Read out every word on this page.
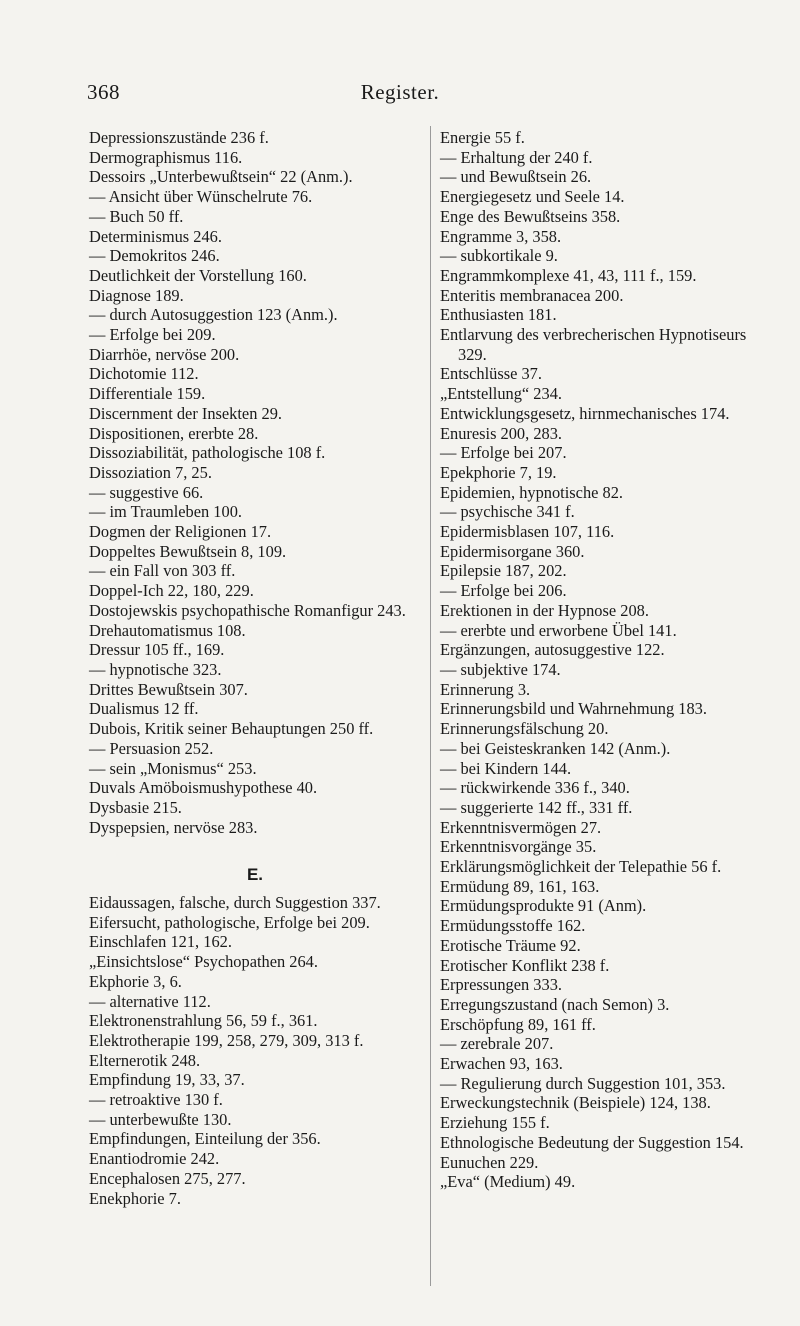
368	Register.
Depressionszustände 236 f.
Dermographismus 116.
Dessoirs „Unterbewußtsein“ 22 (Anm.).
— Ansicht über Wünschelrute 76.
— Buch 50 ff.
Determinismus 246.
— Demokritos 246.
Deutlichkeit der Vorstellung 160.
Diagnose 189.
— durch Autosuggestion 123 (Anm.).
— Erfolge bei 209.
Diarrhöe, nervöse 200.
Dichotomie 112.
Differentiale 159.
Discernment der Insekten 29.
Dispositionen, ererbte 28.
Dissoziabilität, pathologische 108 f.
Dissoziation 7, 25.
— suggestive 66.
— im Traumleben 100.
Dogmen der Religionen 17.
Doppeltes Bewußtsein 8, 109.
— ein Fall von 303 ff.
Doppel-Ich 22, 180, 229.
Dostojewskis psychopathische Romanfigur 243.
Drehautomatismus 108.
Dressur 105 ff., 169.
— hypnotische 323.
Drittes Bewußtsein 307.
Dualismus 12 ff.
Dubois, Kritik seiner Behauptungen 250 ff.
— Persuasion 252.
— sein „Monismus“ 253.
Duvals Amöboismushypothese 40.
Dysbasie 215.
Dyspepsien, nervöse 283.
E.
Eidaussagen, falsche, durch Suggestion 337.
Eifersucht, pathologische, Erfolge bei 209.
Einschlafen 121, 162.
„Einsichtslose“ Psychopathen 264.
Ekphorie 3, 6.
— alternative 112.
Elektronenstrahlung 56, 59 f., 361.
Elektrotherapie 199, 258, 279, 309, 313 f.
Elternerotik 248.
Empfindung 19, 33, 37.
— retroaktive 130 f.
— unterbewußte 130.
Empfindungen, Einteilung der 356.
Enantiodromie 242.
Encephalosen 275, 277.
Enekphorie 7.
Energie 55 f.
— Erhaltung der 240 f.
— und Bewußtsein 26.
Energiegesetz und Seele 14.
Enge des Bewußtseins 358.
Engramme 3, 358.
— subkortikale 9.
Engrammkomplexe 41, 43, 111 f., 159.
Enteritis membranacea 200.
Enthusiasten 181.
Entlarvung des verbrecherischen Hypnotiseurs 329.
Entschlüsse 37.
„Entstellung“ 234.
Entwicklungsgesetz, hirnmechanisches 174.
Enuresis 200, 283.
— Erfolge bei 207.
Epekphorie 7, 19.
Epidemien, hypnotische 82.
— psychische 341 f.
Epidermisblasen 107, 116.
Epidermisorgane 360.
Epilepsie 187, 202.
— Erfolge bei 206.
Erektionen in der Hypnose 208.
— ererbte und erworbene Übel 141.
Ergänzungen, autosuggestive 122.
— subjektive 174.
Erinnerung 3.
Erinnerungsbild und Wahrnehmung 183.
Erinnerungsfälschung 20.
— bei Geisteskranken 142 (Anm.).
— bei Kindern 144.
— rückwirkende 336 f., 340.
— suggerierte 142 ff., 331 ff.
Erkenntnisvermögen 27.
Erkenntnisvorgänge 35.
Erklärungsmöglichkeit der Telepathie 56 f.
Ermüdung 89, 161, 163.
Ermüdungsprodukte 91 (Anm).
Ermüdungsstoffe 162.
Erotische Träume 92.
Erotischer Konflikt 238 f.
Erpressungen 333.
Erregungszustand (nach Semon) 3.
Erschöpfung 89, 161 ff.
— zerebrale 207.
Erwachen 93, 163.
— Regulierung durch Suggestion 101, 353.
Erweckungstechnik (Beispiele) 124, 138.
Erziehung 155 f.
Ethnologische Bedeutung der Suggestion 154.
Eunuchen 229.
„Eva“ (Medium) 49.
